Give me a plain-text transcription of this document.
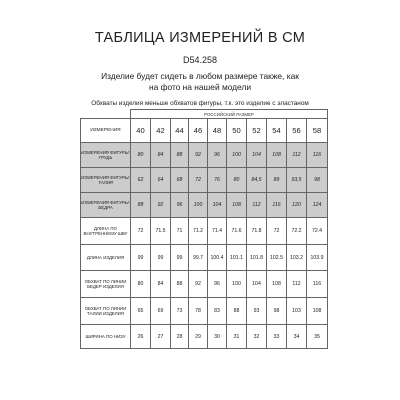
ТАБЛИЦА ИЗМЕРЕНИЙ В СМ
D54.258
Изделие будет сидеть в любом размере также, как на фото на нашей модели
Обхваты изделия меньше обхватов фигуры, т.к. это изделие с эластаном
	РОССИЙСКИЙ РАЗМЕР									
ИЗМЕРЕНИЯ	40	42	44	46	48	50	52	54	56	58
ИЗМЕРЕНИЯ ФИГУРЫ: ГРУДЬ	80	84	88	92	96	100	104	108	112	116
ИЗМЕРЕНИЯ ФИГУРЫ: ТАЛИЯ	62	64	68	72	76	80	84,5	89	93,5	98
ИЗМЕРЕНИЯ ФИГУРЫ: БЕДРА	88	92	96	100	104	108	112	116	120	124
ДЛИНА ПО ВНУТРЕННЕМУ ШВУ	72	71.5	71	71.2	71.4	71.6	71.8	72	72.2	72.4
ДЛИНА ИЗДЕЛИЯ	99	99	99	99.7	100.4	101.1	101.8	102.5	103.2	103.9
ОБХВАТ ПО ЛИНИИ БЕДЕР ИЗДЕЛИЯ	80	84	88	92	96	100	104	108	112	116
ОБХВАТ ПО ЛИНИИ ТАЛИИ ИЗДЕЛИЯ	65	69	73	78	83	88	93	98	103	108
ШИРИНА ПО НИЗУ	26	27	28	29	30	31	32	33	34	35
